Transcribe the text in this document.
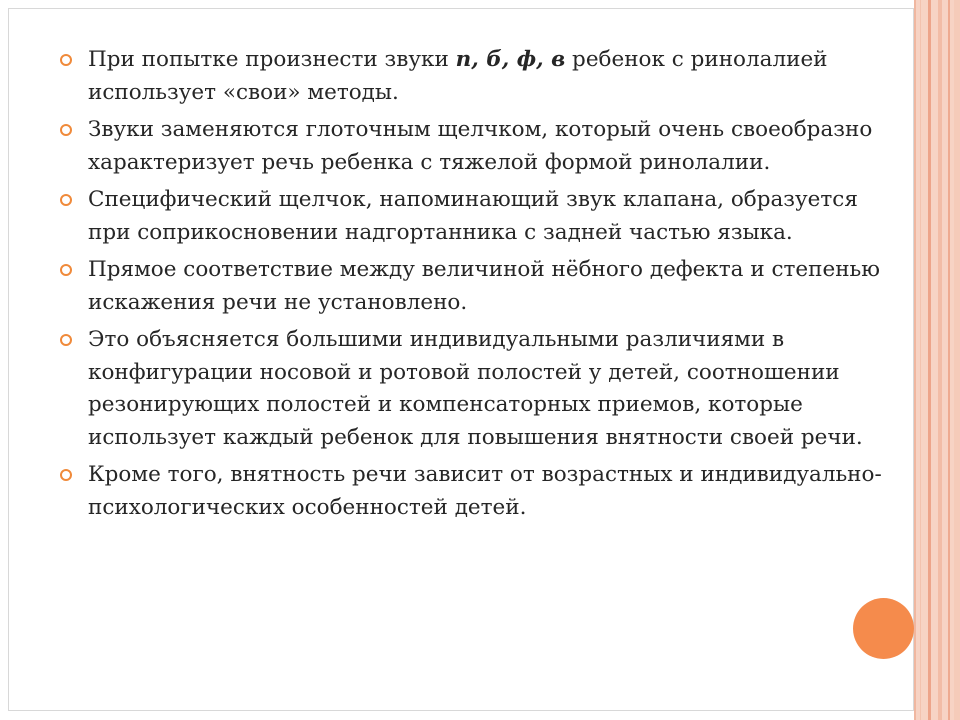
При попытке произнести звуки п, б, ф, в ребенок с ринолалией использует «свои» методы.
Звуки заменяются глоточным щелчком, который очень своеобразно характеризует речь ребенка с тяжелой формой ринолалии.
Специфический щелчок, напоминающий звук клапана, образуется при соприкосновении надгортанника с задней частью языка.
Прямое соответствие между величиной нёбного дефекта и степенью искажения речи не установлено.
Это объясняется большими индивидуальными различиями в конфигурации носовой и ротовой полостей у детей, соотношении резонирующих полостей и компенсаторных приемов, которые использует каждый ребенок для повышения внятности своей речи.
Кроме того, внятность речи зависит от возрастных и индивидуально-психологических особенностей детей.
